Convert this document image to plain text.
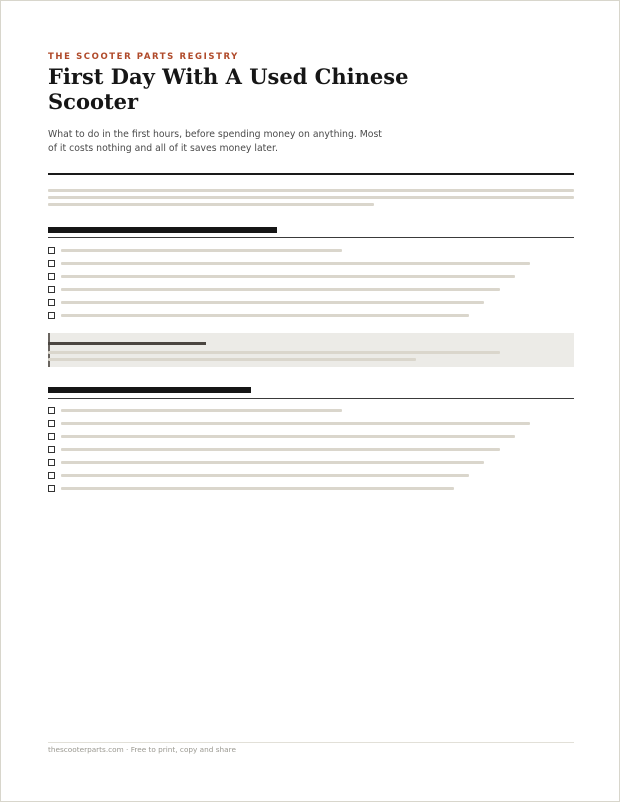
THE SCOOTER PARTS REGISTRY
First Day With A Used Chinese Scooter

What to do in the first hours, before spending money on anything. Most of it costs nothing and all of it saves money later.

thescooterparts.com · Free to print, copy and share
